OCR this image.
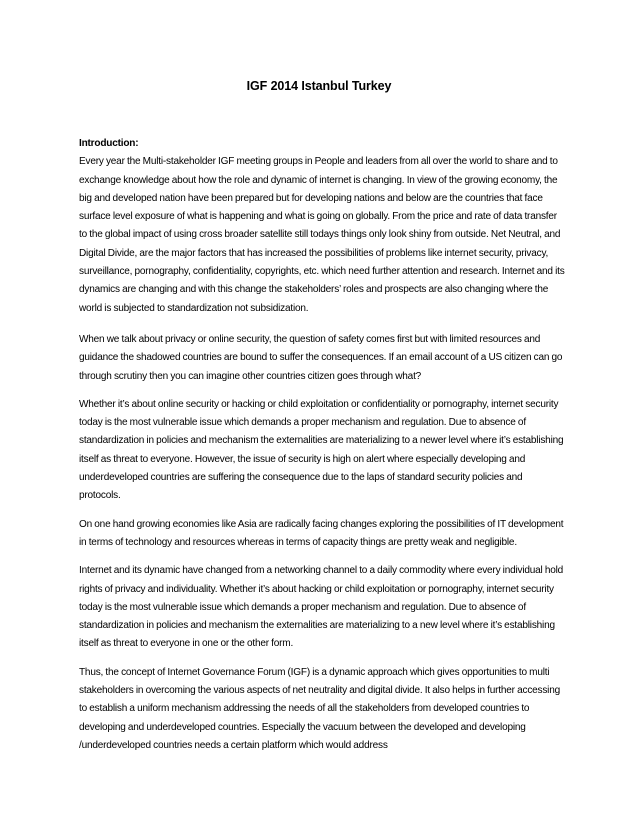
IGF 2014 Istanbul Turkey

Introduction:

Every year the Multi-stakeholder IGF meeting groups in People and leaders from all over the world to share and to exchange knowledge about how the role and dynamic of internet is changing. In view of the growing economy, the big and developed nation have been prepared but for developing nations and below are the countries that face surface level exposure of what is happening and what is going on globally. From the price and rate of data transfer to the global impact of using cross broader satellite still todays things only look shiny from outside. Net Neutral, and Digital Divide, are the major factors that has increased the possibilities of problems like internet security, privacy, surveillance, pornography, confidentiality, copyrights, etc. which need further attention and research. Internet and its dynamics are changing and with this change the stakeholders’ roles and prospects are also changing where the world is subjected to standardization not subsidization.

When we talk about privacy or online security, the question of safety comes first but with limited resources and guidance the shadowed countries are bound to suffer the consequences. If an email account of a US citizen can go through scrutiny then you can imagine other countries citizen goes through what?

Whether it’s about online security or hacking or child exploitation or confidentiality or pornography, internet security today is the most vulnerable issue which demands a proper mechanism and regulation. Due to absence of standardization in policies and mechanism the externalities are materializing to a newer level where it’s establishing itself as threat to everyone. However, the issue of security is high on alert where especially developing and underdeveloped countries are suffering the consequence due to the laps of standard security policies and protocols.

On one hand growing economies like Asia are radically facing changes exploring the possibilities of IT development in terms of technology and resources whereas in terms of capacity things are pretty weak and negligible.

Internet and its dynamic have changed from a networking channel to a daily commodity where every individual hold rights of privacy and individuality. Whether it’s about hacking or child exploitation or pornography, internet security today is the most vulnerable issue which demands a proper mechanism and regulation. Due to absence of standardization in policies and mechanism the externalities are materializing to a new level where it’s establishing itself as threat to everyone in one or the other form.

Thus, the concept of Internet Governance Forum (IGF) is a dynamic approach which gives opportunities to multi stakeholders in overcoming the various aspects of net neutrality and digital divide. It also helps in further accessing to establish a uniform mechanism addressing the needs of all the stakeholders from developed countries to developing and underdeveloped countries. Especially the vacuum between the developed and developing /underdeveloped countries needs a certain platform which would address
